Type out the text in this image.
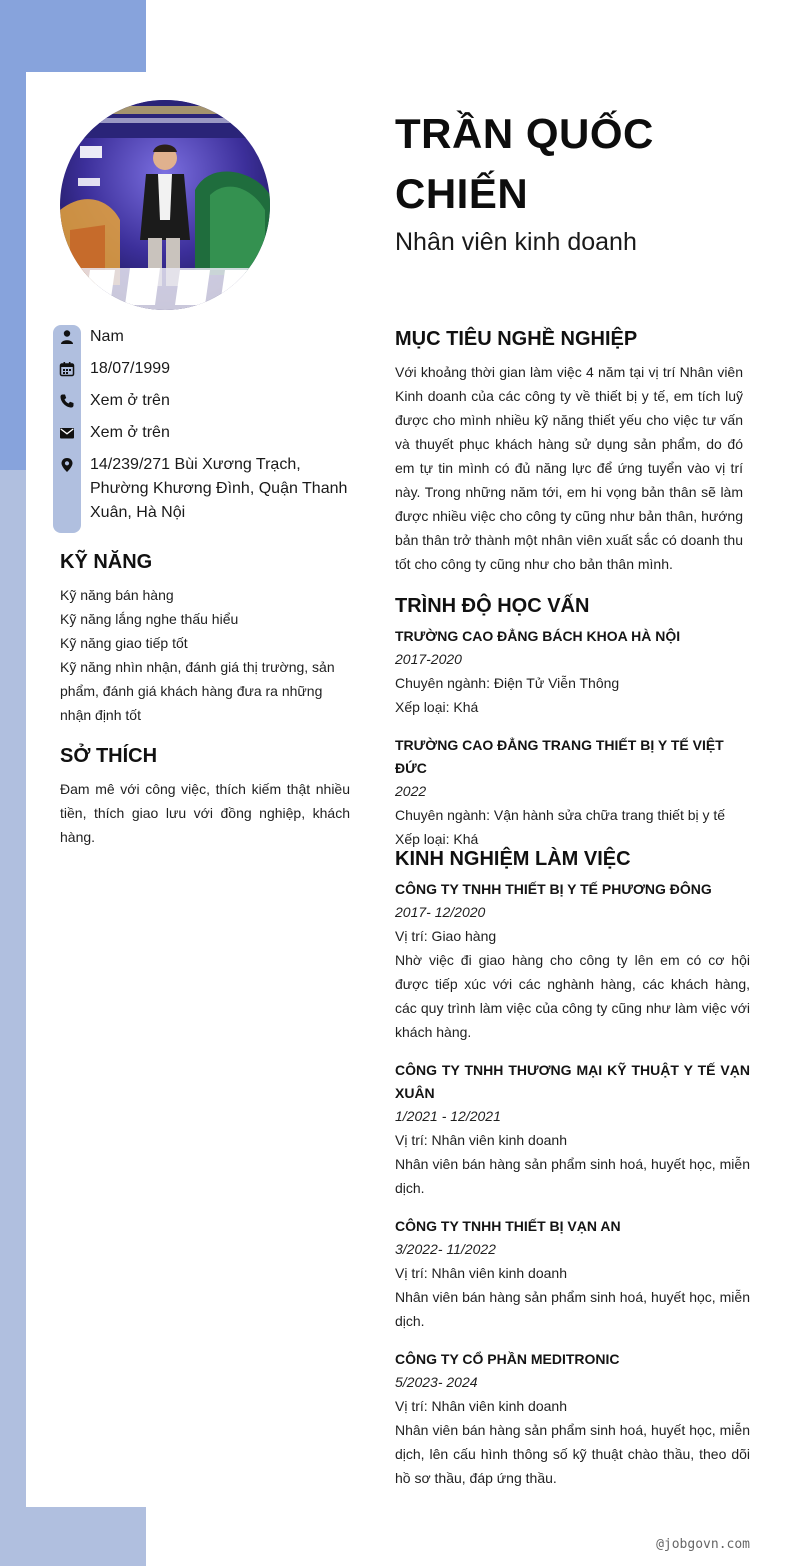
TRẦN QUỐC CHIẾN
Nhân viên kinh doanh
Nam
18/07/1999
Xem ở trên
Xem ở trên
14/239/271 Bùi Xương Trạch, Phường Khương Đình, Quận Thanh Xuân, Hà Nội
KỸ NĂNG
Kỹ năng bán hàng
Kỹ năng lắng nghe thấu hiểu
Kỹ năng giao tiếp tốt
Kỹ năng nhìn nhận, đánh giá thị trường, sản phẩm, đánh giá khách hàng đưa ra những nhận định tốt
SỞ THÍCH
Đam mê với công việc, thích kiếm thật nhiều tiền, thích giao lưu với đồng nghiệp, khách hàng.
MỤC TIÊU NGHỀ NGHIỆP
Với khoảng thời gian làm việc 4 năm tại vị trí Nhân viên Kinh doanh của các công ty về thiết bị y tế, em tích luỹ được cho mình nhiều kỹ năng thiết yếu cho việc tư vấn và thuyết phục khách hàng sử dụng sản phẩm, do đó em tự tin mình có đủ năng lực để ứng tuyển vào vị trí này. Trong những năm tới, em hi vọng bản thân sẽ làm được nhiều việc cho công ty cũng như bản thân, hướng bản thân trở thành một nhân viên xuất sắc có doanh thu tốt cho công ty cũng như cho bản thân mình.
TRÌNH ĐỘ HỌC VẤN
TRƯỜNG CAO ĐẲNG BÁCH KHOA HÀ NỘI
2017-2020
Chuyên ngành: Điện Tử Viễn Thông
Xếp loại: Khá
TRƯỜNG CAO ĐẲNG TRANG THIẾT BỊ Y TẾ VIỆT ĐỨC
2022
Chuyên ngành: Vận hành sửa chữa trang thiết bị y tế
Xếp loại: Khá
KINH NGHIỆM LÀM VIỆC
CÔNG TY TNHH THIẾT BỊ Y TẾ PHƯƠNG ĐÔNG
2017- 12/2020
Vị trí: Giao hàng
Nhờ việc đi giao hàng cho công ty lên em có cơ hội được tiếp xúc với các nghành hàng, các khách hàng, các quy trình làm việc của công ty cũng như làm việc với khách hàng.
CÔNG TY TNHH THƯƠNG MẠI KỸ THUẬT Y TẾ VẠN XUÂN
1/2021 - 12/2021
Vị trí: Nhân viên kinh doanh
Nhân viên bán hàng sản phẩm sinh hoá, huyết học, miễn dịch.
CÔNG TY TNHH THIẾT BỊ VẠN AN
3/2022- 11/2022
Vị trí: Nhân viên kinh doanh
Nhân viên bán hàng sản phẩm sinh hoá, huyết học, miễn dịch.
CÔNG TY CỔ PHẦN MEDITRONIC
5/2023- 2024
Vị trí: Nhân viên kinh doanh
Nhân viên bán hàng sản phẩm sinh hoá, huyết học, miễn dịch, lên cấu hình thông số kỹ thuật chào thầu, theo dõi hồ sơ thầu, đáp ứng thầu.
@jobgovn.com
